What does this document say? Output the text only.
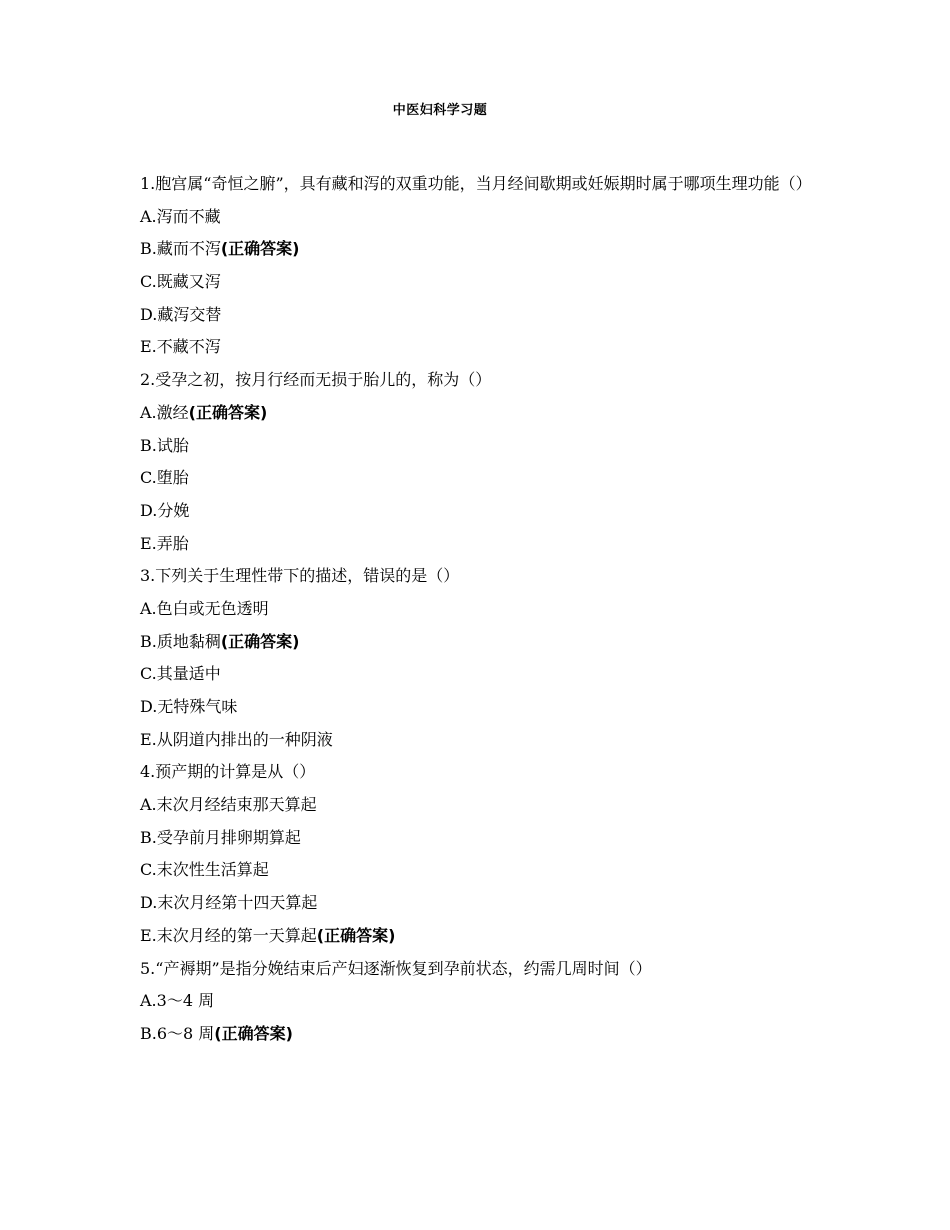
中医妇科学习题
1.胞宫属“奇恒之腑”，具有藏和泻的双重功能，当月经间歇期或妊娠期时属于哪项生理功能（）
A.泻而不藏
B.藏而不泻(正确答案)
C.既藏又泻
D.藏泻交替
E.不藏不泻
2.受孕之初，按月行经而无损于胎儿的，称为（）
A.激经(正确答案)
B.试胎
C.堕胎
D.分娩
E.弄胎
3.下列关于生理性带下的描述，错误的是（）
A.色白或无色透明
B.质地黏稠(正确答案)
C.其量适中
D.无特殊气味
E.从阴道内排出的一种阴液
4.预产期的计算是从（）
A.末次月经结束那天算起
B.受孕前月排卵期算起
C.末次性生活算起
D.末次月经第十四天算起
E.末次月经的第一天算起(正确答案)
5.“产褥期”是指分娩结束后产妇逐渐恢复到孕前状态，约需几周时间（）
A.3～4 周
B.6～8 周(正确答案)
